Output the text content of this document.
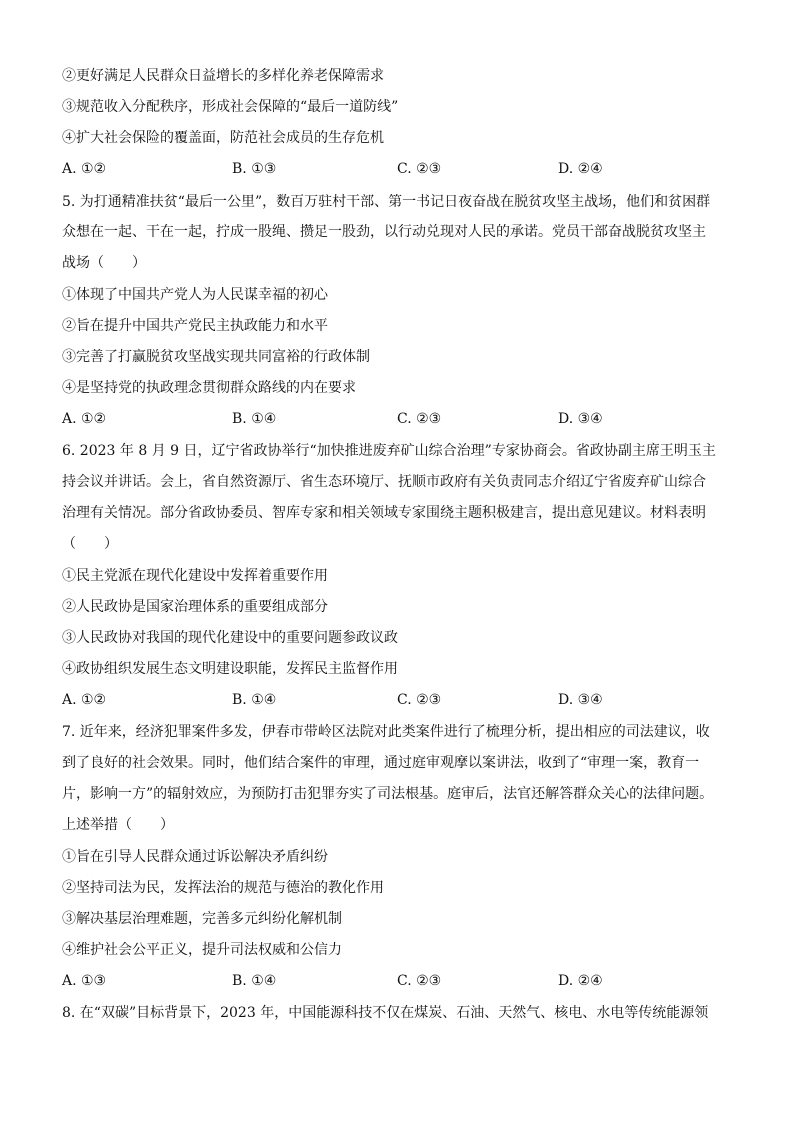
②更好满足人民群众日益增长的多样化养老保障需求
③规范收入分配秩序，形成社会保障的“最后一道防线”
④扩大社会保险的覆盖面，防范社会成员的生存危机
A. ①②	B. ①③	C. ②③	D. ②④
5. 为打通精准扶贫“最后一公里”，数百万驻村干部、第一书记日夜奋战在脱贫攻坚主战场，他们和贫困群
众想在一起、干在一起，拧成一股绳、攒足一股劲，以行动兑现对人民的承诺。党员干部奋战脱贫攻坚主
战场（　　）
①体现了中国共产党人为人民谋幸福的初心
②旨在提升中国共产党民主执政能力和水平
③完善了打赢脱贫攻坚战实现共同富裕的行政体制
④是坚持党的执政理念贯彻群众路线的内在要求
A. ①②	B. ①④	C. ②③	D. ③④
6. 2023 年 8 月 9 日，辽宁省政协举行“加快推进废弃矿山综合治理”专家协商会。省政协副主席王明玉主
持会议并讲话。会上，省自然资源厅、省生态环境厅、抚顺市政府有关负责同志介绍辽宁省废弃矿山综合
治理有关情况。部分省政协委员、智库专家和相关领域专家围绕主题积极建言，提出意见建议。材料表明
（　　）
①民主党派在现代化建设中发挥着重要作用
②人民政协是国家治理体系的重要组成部分
③人民政协对我国的现代化建设中的重要问题参政议政
④政协组织发展生态文明建设职能，发挥民主监督作用
A. ①②	B. ①④	C. ②③	D. ③④
7. 近年来，经济犯罪案件多发，伊春市带岭区法院对此类案件进行了梳理分析，提出相应的司法建议，收
到了良好的社会效果。同时，他们结合案件的审理，通过庭审观摩以案讲法，收到了“审理一案，教育一
片，影响一方”的辐射效应，为预防打击犯罪夯实了司法根基。庭审后，法官还解答群众关心的法律问题。
上述举措（　　）
①旨在引导人民群众通过诉讼解决矛盾纠纷
②坚持司法为民，发挥法治的规范与德治的教化作用
③解决基层治理难题，完善多元纠纷化解机制
④维护社会公平正义，提升司法权威和公信力
A. ①③	B. ①④	C. ②③	D. ②④
8. 在“双碳”目标背景下，2023 年，中国能源科技不仅在煤炭、石油、天然气、核电、水电等传统能源领
